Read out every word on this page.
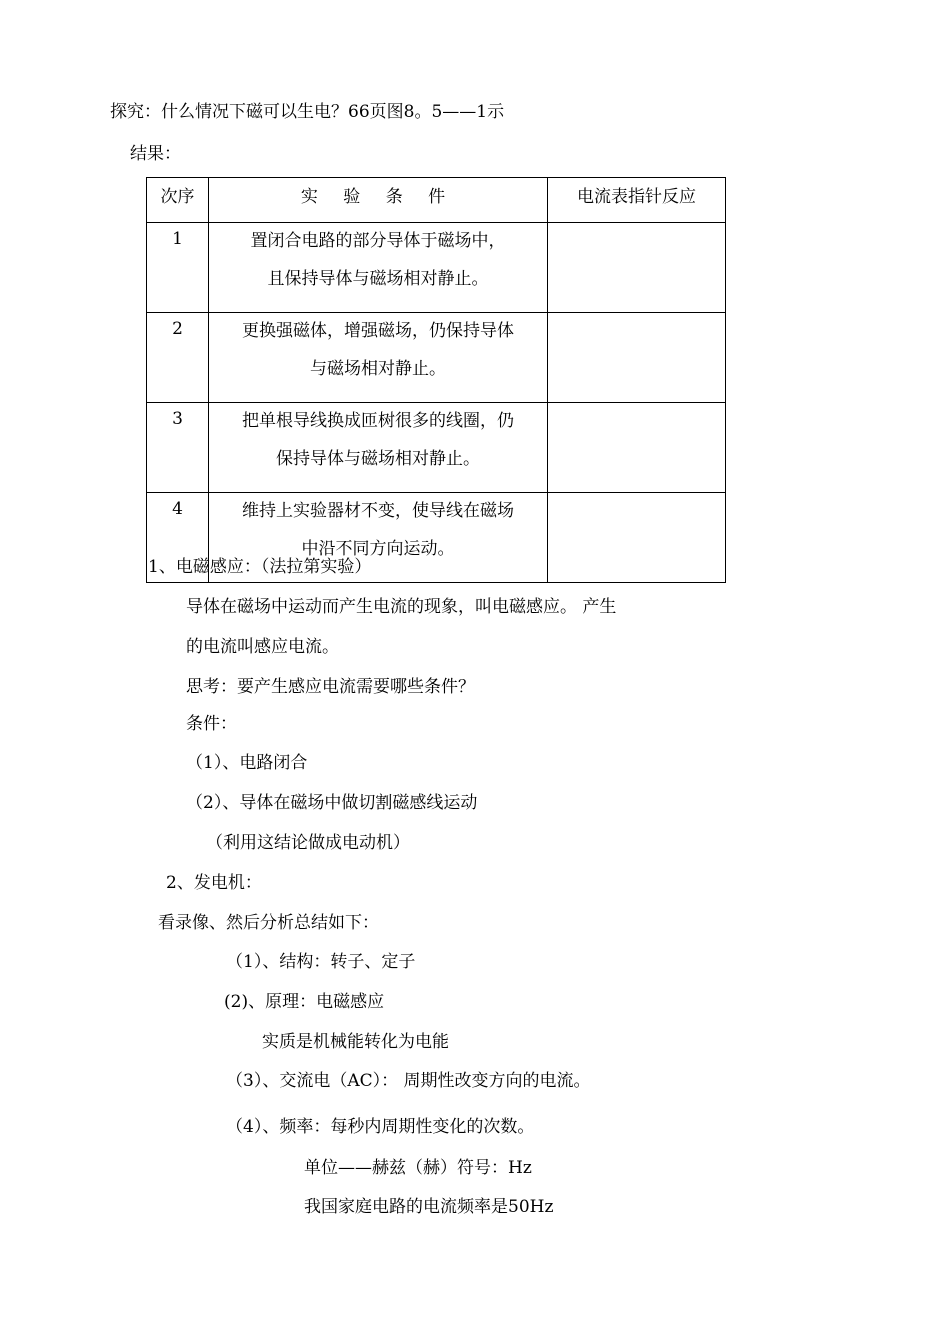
探究：什么情况下磁可以生电？66页图8。5——1示
结果：
次序	实 验 条 件	电流表指针反应
1	置闭合电路的部分导体于磁场中，
且保持导体与磁场相对静止。	

2	更换强磁体，增强磁场，仍保持导体
与磁场相对静止。	

3	把单根导线换成匝树很多的线圈，仍
保持导体与磁场相对静止。	

4	维持上实验器材不变，使导线在磁场
中沿不同方向运动。	

1、电磁感应：（法拉第实验）
导体在磁场中运动而产生电流的现象，叫电磁感应。 产生
的电流叫感应电流。
思考：要产生感应电流需要哪些条件？
条件：
（1）、电路闭合
（2）、导体在磁场中做切割磁感线运动
（利用这结论做成电动机）
2、发电机：
看录像、然后分析总结如下：
（1）、结构：转子、定子
(2)、原理：电磁感应
实质是机械能转化为电能
（3）、交流电（AC）： 周期性改变方向的电流。
（4）、频率：每秒内周期性变化的次数。
单位——赫兹（赫）符号：Hz
我国家庭电路的电流频率是50Hz
